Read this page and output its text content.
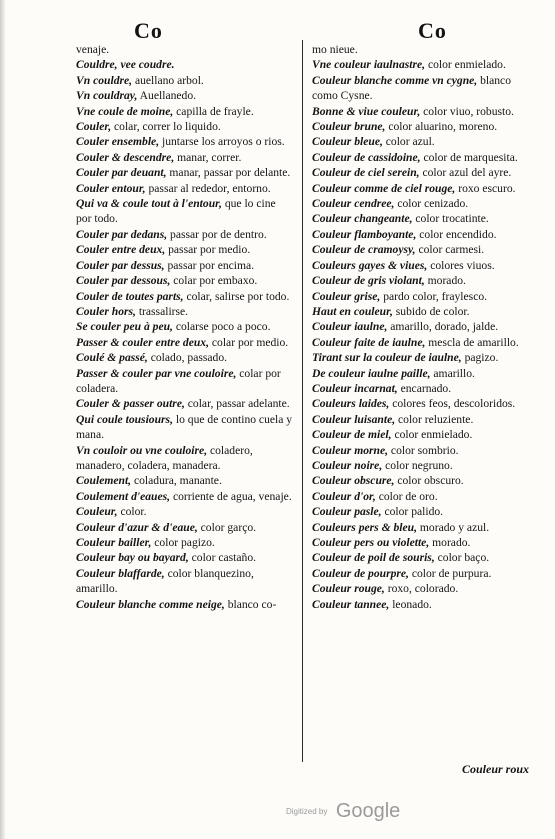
Co	Co
venaje.
Couldre, vee coudre.
Vn couldre, auellano arbol.
Vn couldray, Auellanedo.
Vne coule de moine, capilla de frayle.
Couler, colar, correr lo liquido.
Couler ensemble, juntarse los arroyos o rios.
Couler & descendre, manar, correr.
Couler par deuant, manar, passar por delante.
Couler entour, passar al rededor, entorno.
Qui va & coule tout à l'entour, que lo cine por todo.
Couler par dedans, passar por de dentro.
Couler entre deux, passar por medio.
Couler par dessus, passar por encima.
Couler par dessous, colar por embaxo.
Couler de toutes parts, colar, salirse por todo.
Couler hors, trassalirse.
Se couler peu à peu, colarse poco a poco.
Passer & couler entre deux, colar por medio.
Coulé & passé, colado, passado.
Passer & couler par vne couloire, colar por coladera.
Couler & passer outre, colar, passar adelante.
Qui coule tousiours, lo que de contino cuela y mana.
Vn couloir ou vne couloire, coladero, manadero, coladera, manadera.
Coulement, coladura, manante.
Coulement d'eaues, corriente de agua, venaje.
Couleur, color.
Couleur d'azur & d'eaue, color garço.
Couleur bailler, color pagizo.
Couleur bay ou bayard, color castaño.
Couleur blaffarde, color blanquezino, amarillo.
Couleur blanche comme neige, blanco co-
mo nieue.
Vne couleur iaulnastre, color enmielado.
Couleur blanche comme vn cygne, blanco como Cysne.
Bonne & viue couleur, color viuo, robusto.
Couleur brune, color aluarino, moreno.
Couleur bleue, color azul.
Couleur de cassidoine, color de marquesita.
Couleur de ciel serein, color azul del ayre.
Couleur comme de ciel rouge, roxo escuro.
Couleur cendree, color cenizado.
Couleur changeante, color trocatinte.
Couleur flamboyante, color encendido.
Couleur de cramoysy, color carmesi.
Couleurs gayes & viues, colores viuos.
Couleur de gris violant, morado.
Couleur grise, pardo color, fraylesco.
Haut en couleur, subido de color.
Couleur iaulne, amarillo, dorado, jalde.
Couleur faite de iaulne, mescla de amarillo.
Tirant sur la couleur de iaulne, pagizo.
De couleur iaulne paille, amarillo.
Couleur incarnat, encarnado.
Couleurs laides, colores feos, descoloridos.
Couleur luisante, color reluziente.
Couleur de miel, color enmielado.
Couleur morne, color sombrio.
Couleur noire, color negruno.
Couleur obscure, color obscuro.
Couleur d'or, color de oro.
Couleur pasle, color palido.
Couleurs pers & bleu, morado y azul.
Couleur pers ou violette, morado.
Couleur de poil de souris, color baço.
Couleur de pourpre, color de purpura.
Couleur rouge, roxo, colorado.
Couleur tannee, leonado.
Couleur roux
Digitized by Google
